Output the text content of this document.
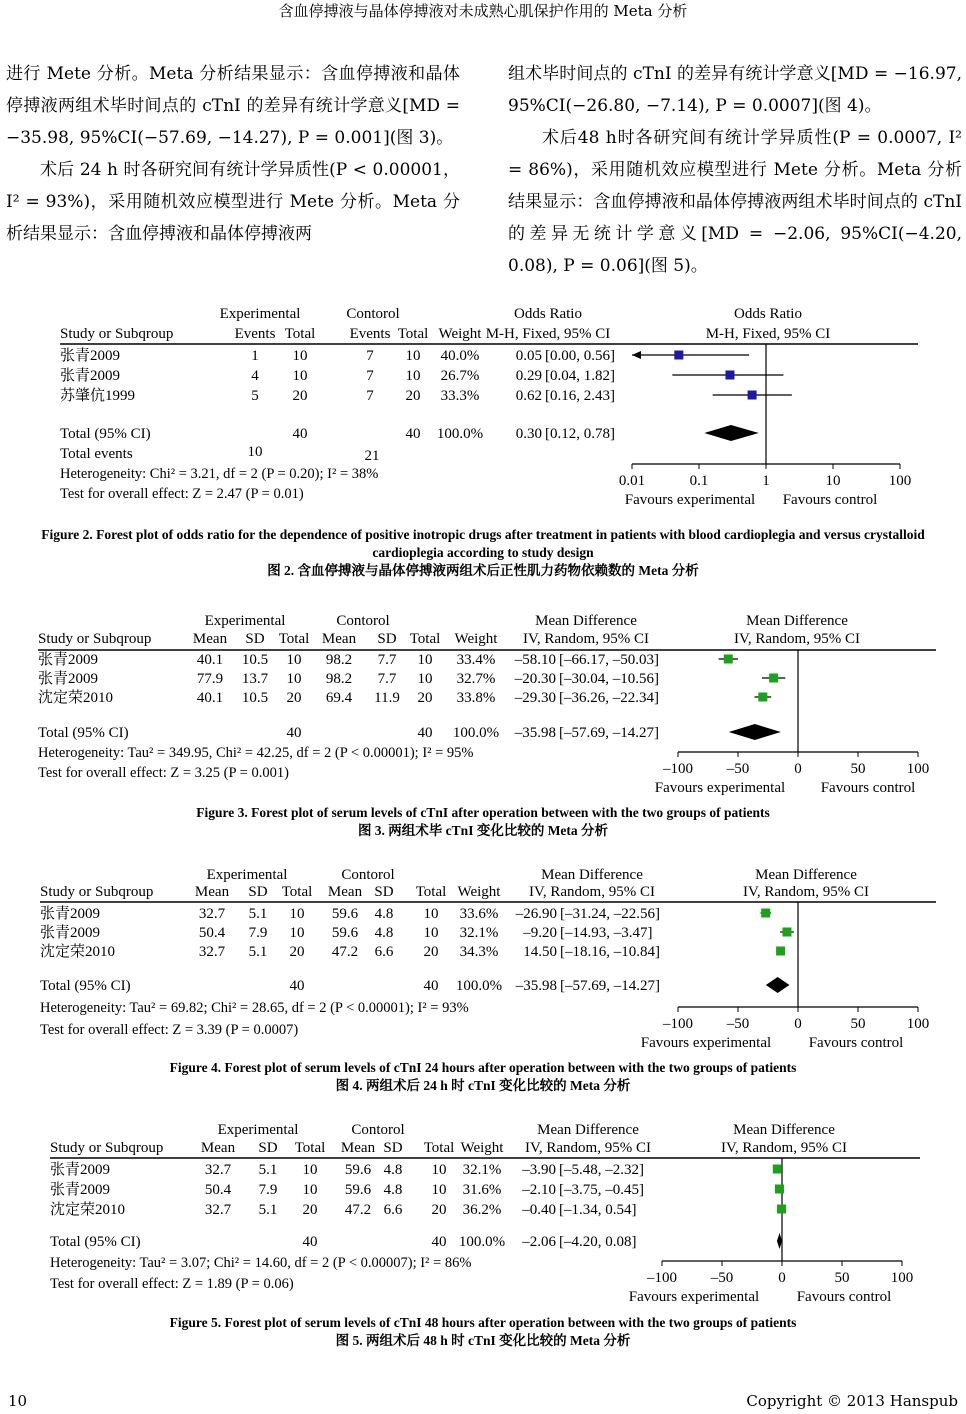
含血停搏液与晶体停搏液对未成熟心肌保护作用的 Meta 分析

进行 Mete 分析。Meta 分析结果显示：含血停搏液和晶体停搏液两组术毕时间点的 cTnI 的差异有统计学意义[MD = −35.98, 95%CI(−57.69, −14.27), P = 0.001](图 3)。

术后 24 h 时各研究间有统计学异质性(P < 0.00001，I² = 93%)，采用随机效应模型进行 Mete 分析。Meta 分析结果显示：含血停搏液和晶体停搏液两

组术毕时间点的 cTnI 的差异有统计学意义[MD = −16.97, 95%CI(−26.80, −7.14), P = 0.0007](图 4)。

术后48 h时各研究间有统计学异质性(P = 0.0007, I² = 86%)，采用随机效应模型进行 Mete 分析。Meta 分析结果显示：含血停搏液和晶体停搏液两组术毕时间点的 cTnI 的差异无统计学意义[MD = −2.06, 95%CI(−4.20, 0.08), P = 0.06](图 5)。

Experimental	Contorol	Odds Ratio	Odds Ratio
Study or Subqroup	Events Total Events Total Weight M-H, Fixed, 95% CI	M-H, Fixed, 95% CI
张青2009	1 10	7 10 40.0% 0.05 [0.00, 0.56]
张青2009	4 10	7 10 26.7% 0.29 [0.04, 1.82]
苏肇伉1999	5 20	7 20 33.3% 0.62 [0.16, 2.43]
Total (95% CI)	40	40 100.0% 0.30 [0.12, 0.78]
Total events	10	21
Heterogeneity: Chi² = 3.21, df = 2 (P = 0.20); I² = 38%
Test for overall effect: Z = 2.47 (P = 0.01)
0.01	0.1	1	10	100
Favours experimental Favours control
Figure 2. Forest plot of odds ratio for the dependence of positive inotropic drugs after treatment in patients with blood cardioplegia and versus crystalloid cardioplegia according to study design
图 2. 含血停搏液与晶体停搏液两组术后正性肌力药物依赖数的 Meta 分析
Experimental	Contorol	Mean Difference	Mean Difference
Study or Subqroup	Mean SD Total Mean SD Total Weight IV, Random, 95% CI	IV, Random, 95% CI
张青2009	40.1 10.5 10 98.2 7.7 10 33.4% –58.10 [–66.17, –50.03]
张青2009	77.9 13.7 10 98.2 7.7 10 32.7% –20.30 [–30.04, –10.56]
沈定荣2010	40.1 10.5 20 69.4 11.9 20 33.8% –29.30 [–36.26, –22.34]
Total (95% CI)	40	40 100.0% –35.98 [–57.69, –14.27]
Heterogeneity: Tau² = 349.95, Chi² = 42.25, df = 2 (P < 0.00001); I² = 95%
Test for overall effect: Z = 3.25 (P = 0.001)	–100 –50	0	50	100
Favours experimental Favours control
Figure 3. Forest plot of serum levels of cTnI after operation between with the two groups of patients
图 3. 两组术毕 cTnI 变化比较的 Meta 分析
Experimental	Contorol	Mean Difference	Mean Difference
Study or Subqroup	Mean SD Total Mean SD Total Weight IV, Random, 95% CI	IV, Random, 95% CI
张青2009	32.7 5.1 10 59.6 4.8 10 33.6% –26.90 [–31.24, –22.56]
张青2009	50.4 7.9 10 59.6 4.8 10 32.1% –9.20 [–14.93, –3.47]
沈定荣2010	32.7 5.1 20 47.2 6.6 20 34.3% 14.50 [–18.16, –10.84]
Total (95% CI)	40	40 100.0% –35.98 [–57.69, –14.27]
Heterogeneity: Tau² = 69.82; Chi² = 28.65, df = 2 (P < 0.00001); I² = 93%
Test for overall effect: Z = 3.39 (P = 0.0007)	–100 –50	0	50	100
Favours experimental	Favours control
Figure 4. Forest plot of serum levels of cTnI 24 hours after operation between with the two groups of patients
图 4. 两组术后 24 h 时 cTnI 变化比较的 Meta 分析
Experimental	Contorol	Mean Difference	Mean Difference
Study or Subqroup	Mean SD Total Mean SD Total Weight IV, Random, 95% CI	IV, Random, 95% CI
张青2009	32.7 5.1 10 59.6 4.8 10 32.1% –3.90 [–5.48, –2.32]
张青2009	50.4 7.9 10 59.6 4.8 10 31.6% –2.10 [–3.75, –0.45]
沈定荣2010	32.7 5.1 20 47.2 6.6 20 36.2% –0.40 [–1.34, 0.54]
Total (95% CI)	40	40 100.0% –2.06 [–4.20, 0.08]
Heterogeneity: Tau² = 3.07; Chi² = 14.60, df = 2 (P < 0.00007); I² = 86%
Test for overall effect: Z = 1.89 (P = 0.06)	–100 –50	0	50	100
Favours experimental	Favours control
Figure 5. Forest plot of serum levels of cTnI 48 hours after operation between with the two groups of patients
图 5. 两组术后 48 h 时 cTnI 变化比较的 Meta 分析
10	Copyright © 2013 Hanspub
